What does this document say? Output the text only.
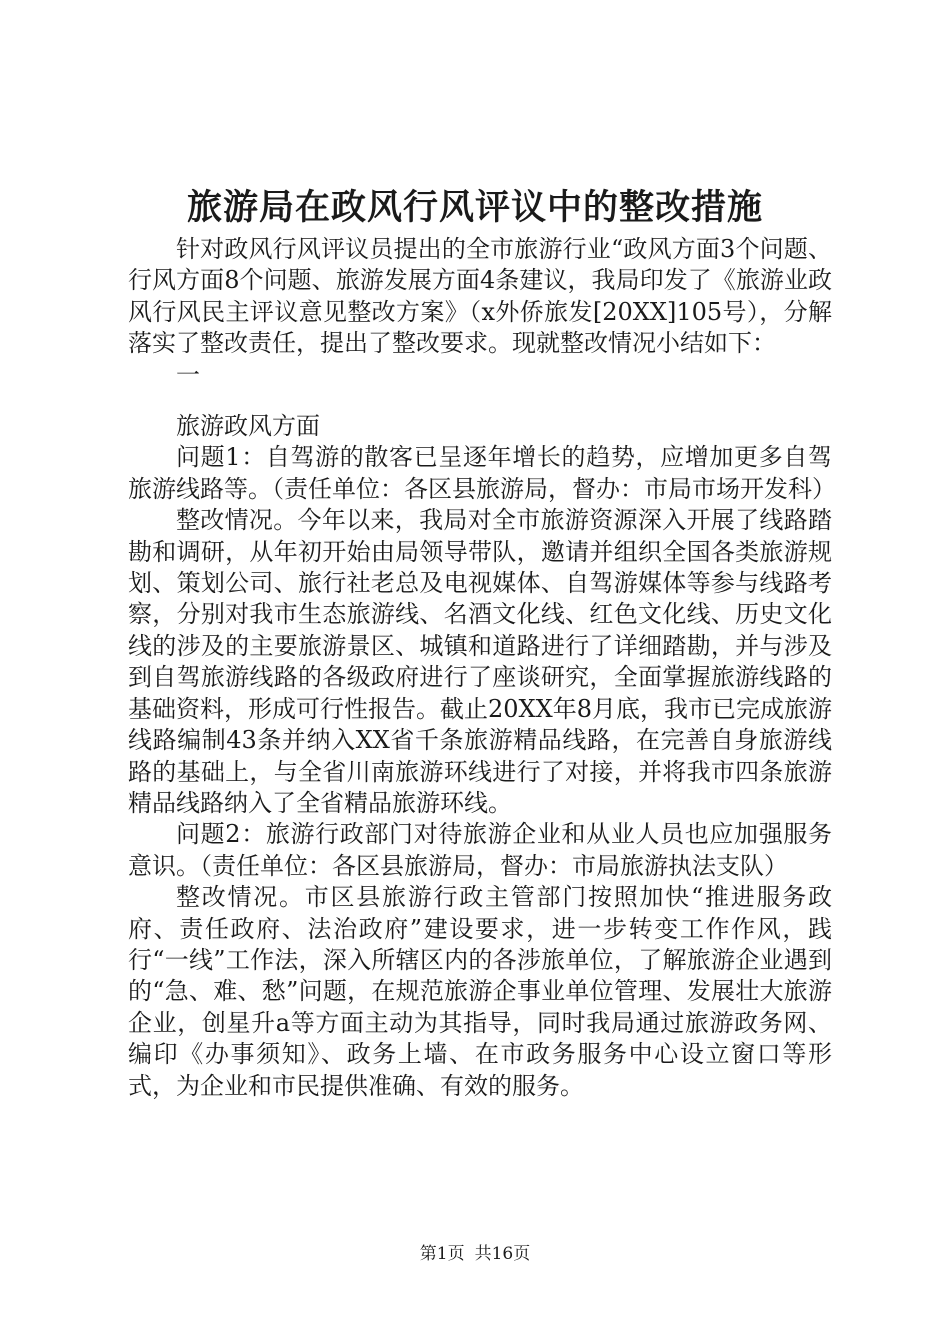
旅游局在政风行风评议中的整改措施

针对政风行风评议员提出的全市旅游行业“政风方面3个问题、行风方面8个问题、旅游发展方面4条建议，我局印发了《旅游业政风行风民主评议意见整改方案》（x外侨旅发[20XX]105号），分解落实了整改责任，提出了整改要求。现就整改情况小结如下：

一

旅游政风方面

问题1：自驾游的散客已呈逐年增长的趋势，应增加更多自驾旅游线路等。（责任单位：各区县旅游局，督办：市局市场开发科）

整改情况。今年以来，我局对全市旅游资源深入开展了线路踏勘和调研，从年初开始由局领导带队，邀请并组织全国各类旅游规划、策划公司、旅行社老总及电视媒体、自驾游媒体等参与线路考察，分别对我市生态旅游线、名酒文化线、红色文化线、历史文化线的涉及的主要旅游景区、城镇和道路进行了详细踏勘，并与涉及到自驾旅游线路的各级政府进行了座谈研究，全面掌握旅游线路的基础资料，形成可行性报告。截止20XX年8月底，我市已完成旅游线路编制43条并纳入XX省千条旅游精品线路，在完善自身旅游线路的基础上，与全省川南旅游环线进行了对接，并将我市四条旅游精品线路纳入了全省精品旅游环线。

问题2：旅游行政部门对待旅游企业和从业人员也应加强服务意识。（责任单位：各区县旅游局，督办：市局旅游执法支队）

整改情况。市区县旅游行政主管部门按照加快“推进服务政府、责任政府、法治政府”建设要求，进一步转变工作作风，践行“一线”工作法，深入所辖区内的各涉旅单位，了解旅游企业遇到的“急、难、愁”问题，在规范旅游企事业单位管理、发展壮大旅游企业，创星升a等方面主动为其指导，同时我局通过旅游政务网、编印《办事须知》、政务上墙、在市政务服务中心设立窗口等形式，为企业和市民提供准确、有效的服务。

第1页 共16页
